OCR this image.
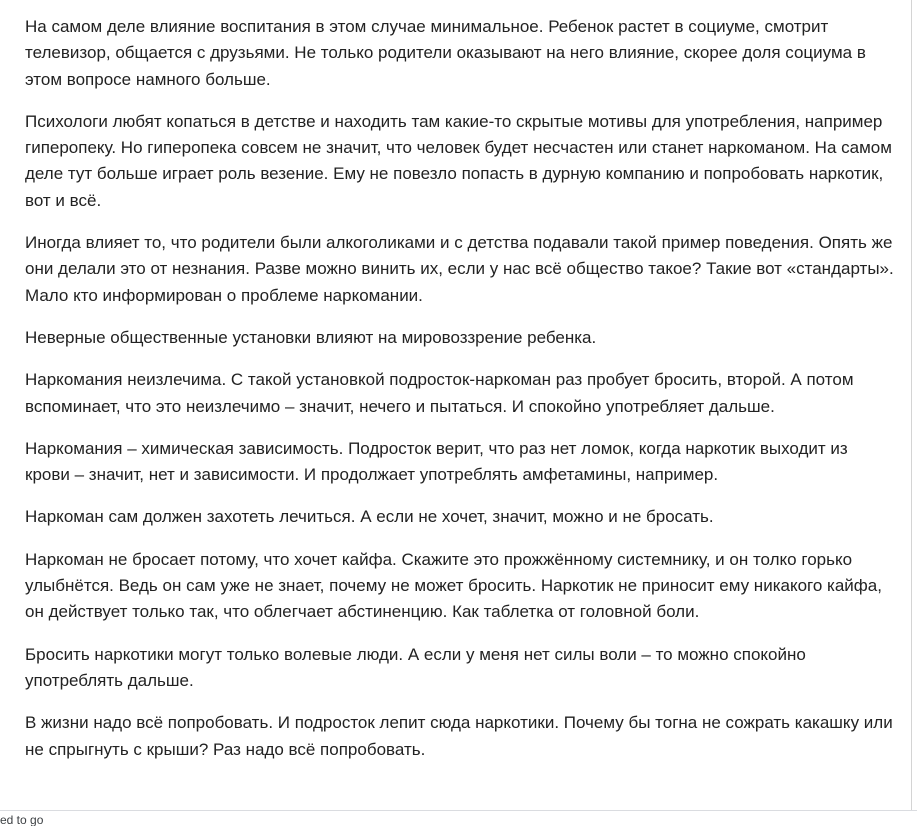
На самом деле влияние воспитания в этом случае минимальное. Ребенок растет в социуме, смотрит телевизор, общается с друзьями. Не только родители оказывают на него влияние, скорее доля социума в этом вопросе намного больше.

Психологи любят копаться в детстве и находить там какие-то скрытые мотивы для употребления, например гиперопеку. Но гиперопека совсем не значит, что человек будет несчастен или станет наркоманом. На самом деле тут больше играет роль везение. Ему не повезло попасть в дурную компанию и попробовать наркотик, вот и всё.

Иногда влияет то, что родители были алкоголиками и с детства подавали такой пример поведения. Опять же они делали это от незнания. Разве можно винить их, если у нас всё общество такое? Такие вот «стандарты». Мало кто информирован о проблеме наркомании.

Неверные общественные установки влияют на мировоззрение ребенка.

Наркомания неизлечима. С такой установкой подросток-наркоман раз пробует бросить, второй. А потом вспоминает, что это неизлечимо – значит, нечего и пытаться. И спокойно употребляет дальше.

Наркомания – химическая зависимость. Подросток верит, что раз нет ломок, когда наркотик выходит из крови – значит, нет и зависимости. И продолжает употреблять амфетамины, например.

Наркоман сам должен захотеть лечиться. А если не хочет, значит, можно и не бросать.

Наркоман не бросает потому, что хочет кайфа. Скажите это прожжённому системнику, и он толко горько улыбнётся. Ведь он сам уже не знает, почему не может бросить. Наркотик не приносит ему никакого кайфа, он действует только так, что облегчает абстиненцию. Как таблетка от головной боли.

Бросить наркотики могут только волевые люди. А если у меня нет силы воли – то можно спокойно употреблять дальше.

В жизни надо всё попробовать. И подросток лепит сюда наркотики. Почему бы тогна не сожрать какашку или не спрыгнуть с крыши? Раз надо всё попробовать.

ed to go
